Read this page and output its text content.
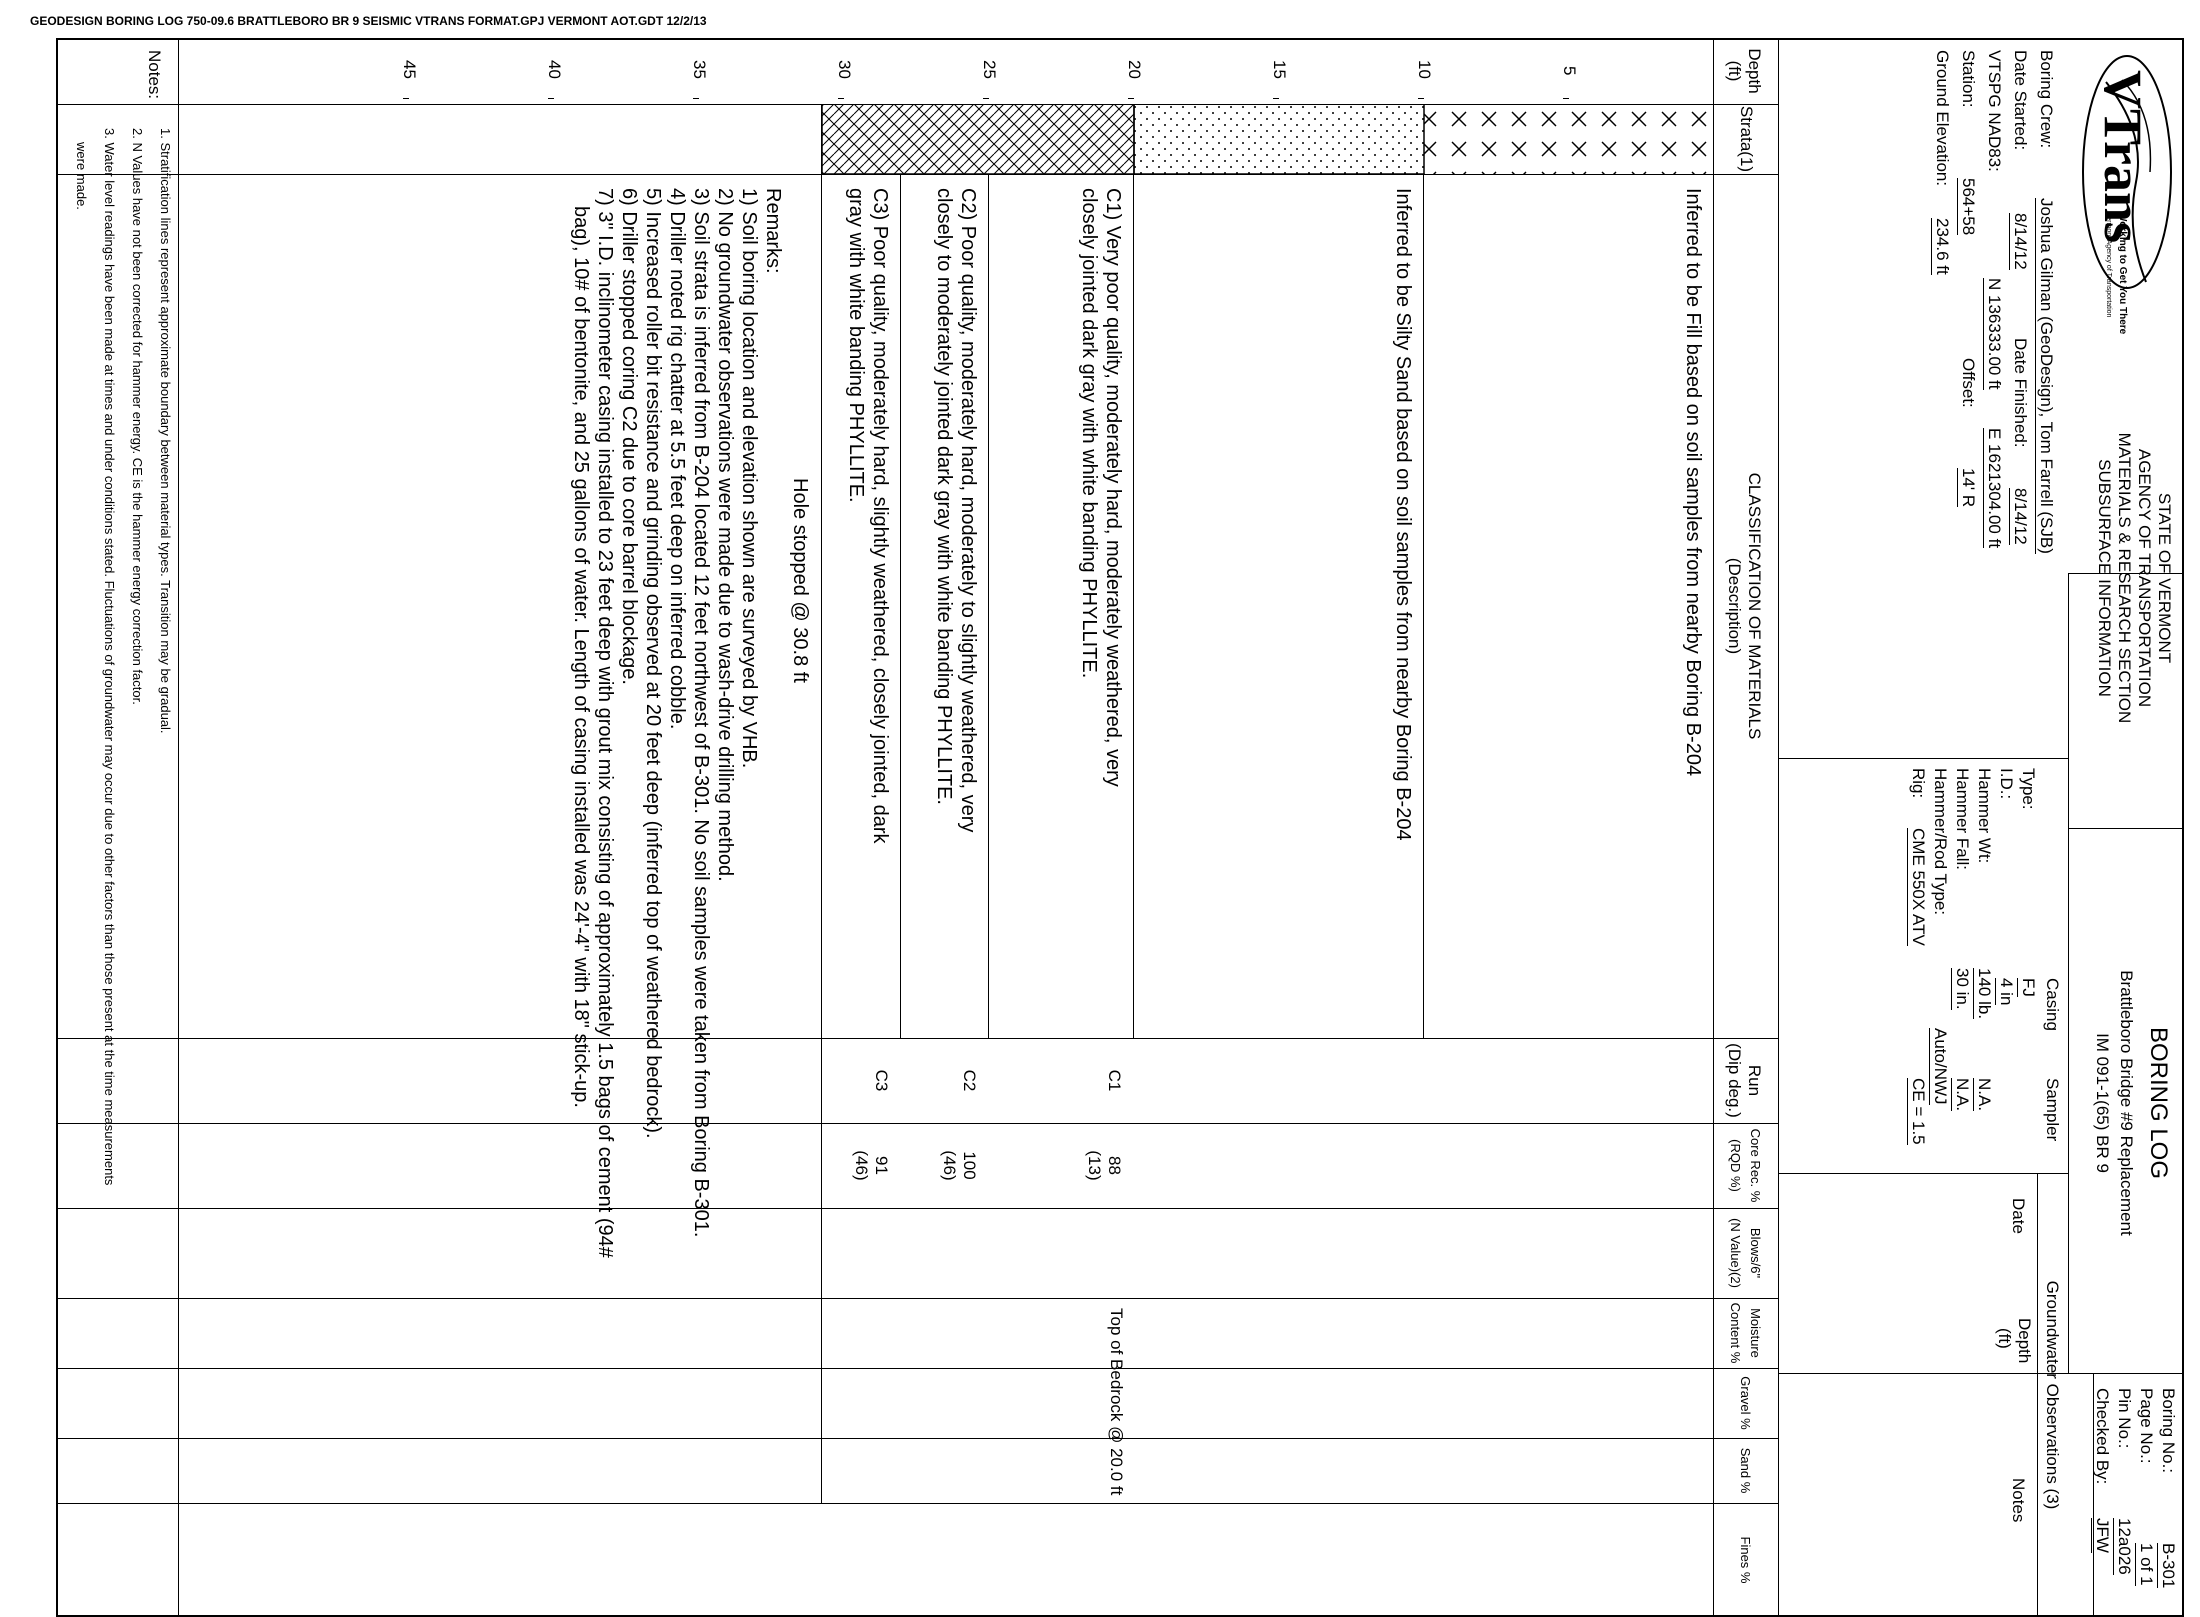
GEODESIGN BORING LOG 750-09.6 BRATTLEBORO BR 9 SEISMIC VTRANS FORMAT.GPJ VERMONT AOT.GDT 12/2/13
VTrans
Working to Get You There
Vermont Agency of Transportation
STATE OF VERMONT
AGENCY OF TRANSPORTATION
MATERIALS & RESEARCH SECTION
SUBSURFACE INFORMATION
BORING LOG
Brattleboro Bridge #9 Replacement
IM 091-1(65) BR 9
Boring No.:
B-301
Page No.:
1 of 1
Pin No.:
12a026
Checked By:
JFW
Boring Crew:
Joshua Gilman (GeoDesign), Tom Farrell (SJB)
Date Started:
8/14/12
Date Finished:
8/14/12
VTSPG NAD83:
N 136333.00 ft
E 1621304.00 ft
Station:
564+58
Offset:
14' R
Ground Elevation:
234.6 ft
Casing
Sampler
Type:
FJ
I.D.:
4 in
Hammer Wt:
140 lb.
N.A.
Hammer Fall:
30 in.
N.A.
Hammer/Rod Type:
Auto/NWJ
Rig:
CME 550X ATV
CE = 1.5
Groundwater Observations (3)
Date
Depth
(ft)
Notes
Depth
(ft)
Strata(1)
CLASSIFICATION OF MATERIALS
(Description)
Run
(Dip deg.)
Core Rec. %
(RQD %)
Blows/6"
(N Value)(2)
Moisture
Content %
Gravel %
Sand %
Fines %
5
10
15
20
25
30
35
40
45
Inferred to be Fill based on soil samples from nearby Boring B-204
Inferred to be Silty Sand based on soil samples from nearby Boring B-204
C1) Very poor quality, moderately hard, moderately weathered, very
closely jointed dark gray with white banding PHYLLITE.
Top of Bedrock @ 20.0 ft
C2) Poor quality, moderately hard, moderately to slightly weathered, very
closely to moderately jointed dark gray with white banding PHYLLITE.
C3) Poor quality, moderately hard, slightly weathered, closely jointed, dark
gray with white banding PHYLLITE.
Hole stopped @ 30.8 ft
C1
88
(13)
C2
100
(46)
C3
91
(46)
Remarks:
1) Soil boring location and elevation shown are surveyed by VHB.
2) No groundwater observations were made due to wash-drive drilling method.
3) Soil strata is inferred from B-204 located 12 feet northwest of B-301. No soil samples were taken from Boring B-301.
4) Driller noted rig chatter at 5.5 feet deep on inferred cobble.
5) Increased roller bit resistance and grinding observed at 20 feet deep (inferred top of weathered bedrock).
6) Driller stopped coring C2 due to core barrel blockage.
7) 3" I.D. inclinometer casing installed to 23 feet deep with grout mix consisting of approximately 1.5 bags of cement (94#
bag), 10# of bentonite, and 25 gallons of water. Length of casing installed was 24'-4" with 18" stick-up.
Notes:
1. Stratification lines represent approximate boundary between material types. Transition may be gradual.
2. N Values have not been corrected for hammer energy. CE is the hammer energy correction factor.
3. Water level readings have been made at times and under conditions stated. Fluctuations of groundwater may occur due to other factors than those present at the time measurements
were made.
